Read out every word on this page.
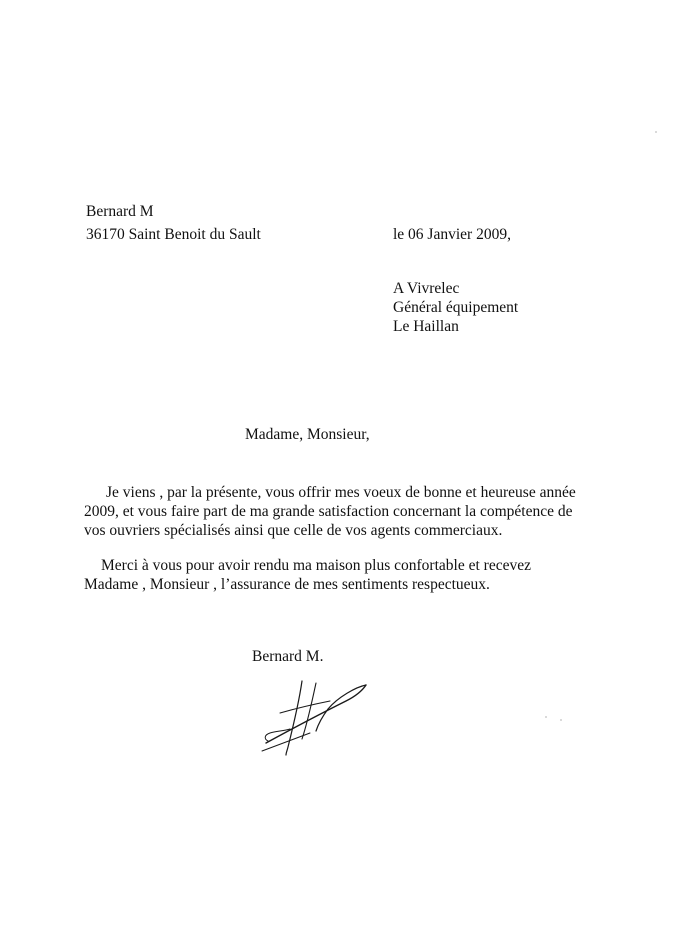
Bernard M
36170 Saint Benoit du Sault	le 06 Janvier 2009,
A Vivrelec
Général équipement
Le Haillan
Madame, Monsieur,
Je viens , par la présente, vous offrir mes voeux de bonne et heureuse année
2009, et vous faire part de ma grande satisfaction concernant la compétence de
vos ouvriers spécialisés ainsi que celle de vos agents commerciaux.
Merci à vous pour avoir rendu ma maison plus confortable et recevez
Madame , Monsieur , l’assurance de mes sentiments respectueux.
Bernard M.
